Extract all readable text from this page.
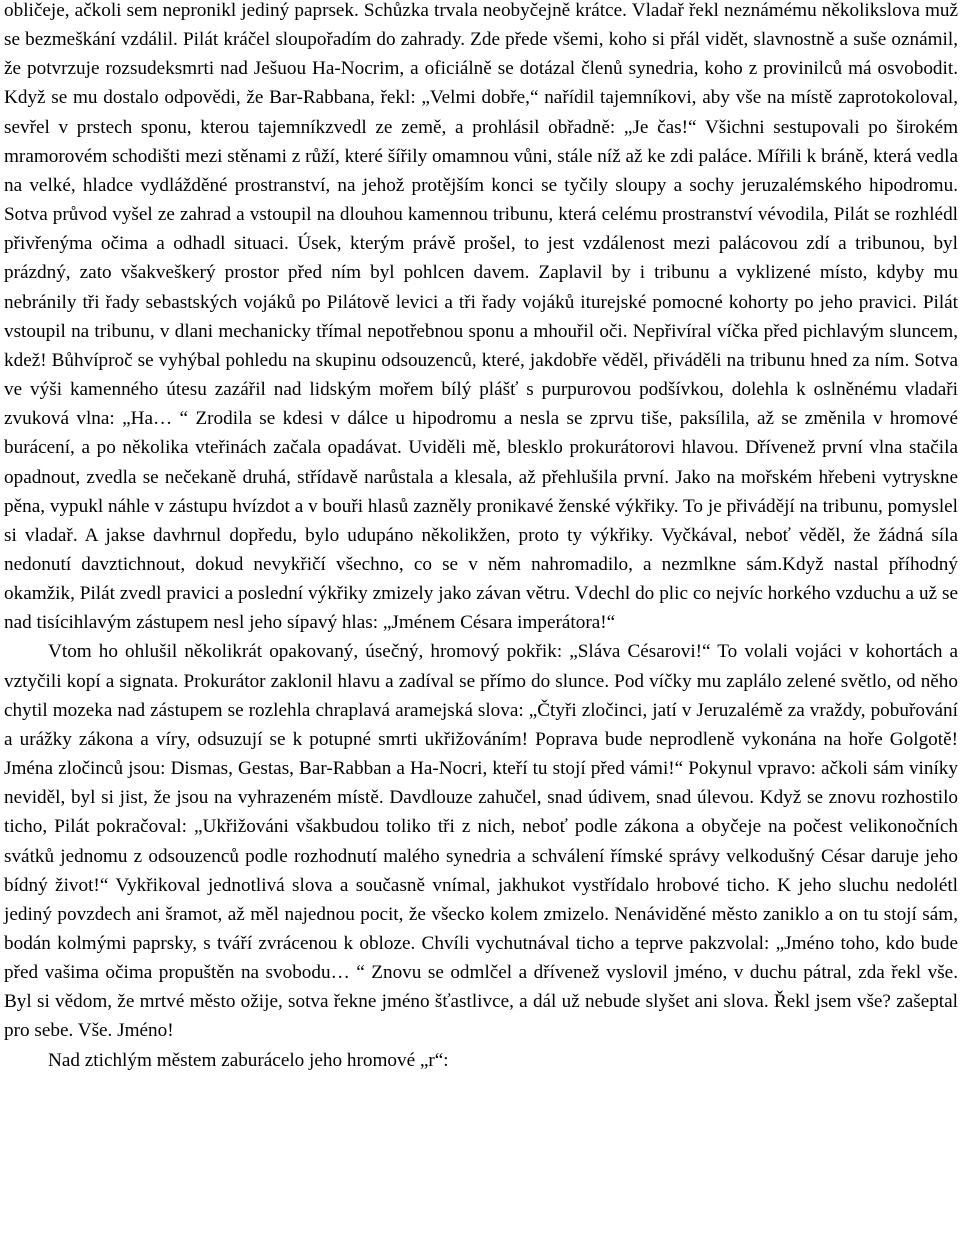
obličeje, ačkoli sem nepronikl jediný paprsek. Schůzka trvala neobyčejně krátce. Vladař řekl neznámému několikslova muž se bezmeškání vzdálil. Pilát kráčel sloupořadím do zahrady. Zde přede všemi, koho si přál vidět, slavnostně a suše oznámil, že potvrzuje rozsudeksmrti nad Ješuou Ha-Nocrim, a oficiálně se dotázal členů synedria, koho z provinilců má osvobodit. Když se mu dostalo odpovědi, že Bar-Rabbana, řekl: „Velmi dobře,“ nařídil tajemníkovi, aby vše na místě zaprotokoloval, sevřel v prstech sponu, kterou tajemníkzvedl ze země, a prohlásil obřadně: „Je čas!“ Všichni sestupovali po širokém mramorovém schodišti mezi stěnami z růží, které šířily omamnou vůni, stále níž až ke zdi paláce. Mířili k bráně, která vedla na velké, hladce vydlážděné prostranství, na jehož protějším konci se tyčily sloupy a sochy jeruzalémského hipodromu. Sotva průvod vyšel ze zahrad a vstoupil na dlouhou kamennou tribunu, která celému prostranství vévodila, Pilát se rozhlédl přivřenýma očima a odhadl situaci. Úsek, kterým právě prošel, to jest vzdálenost mezi palácovou zdí a tribunou, byl prázdný, zato všakveškerý prostor před ním byl pohlcen davem. Zaplavil by i tribunu a vyklizené místo, kdyby mu nebránily tři řady sebastských vojáků po Pilátově levici a tři řady vojáků iturejské pomocné kohorty po jeho pravici. Pilát vstoupil na tribunu, v dlani mechanicky třímal nepotřebnou sponu a mhouřil oči. Nepřivíral víčka před pichlavým sluncem, kdež! Bůhvíproč se vyhýbal pohledu na skupinu odsouzenců, které, jakdobře věděl, přiváděli na tribunu hned za ním. Sotva ve výši kamenného útesu zazářil nad lidským mořem bílý plášť s purpurovou podšívkou, dolehla k oslněnému vladaři zvuková vlna: „Ha… “ Zrodila se kdesi v dálce u hipodromu a nesla se zprvu tiše, paksílila, až se změnila v hromové burácení, a po několika vteřinách začala opadávat. Uviděli mě, blesklo prokurátorovi hlavou. Dřívenež první vlna stačila opadnout, zvedla se nečekaně druhá, střídavě narůstala a klesala, až přehlušila první. Jako na mořském hřebeni vytryskne pěna, vypukl náhle v zástupu hvízdot a v bouři hlasů zazněly pronikavé ženské výkřiky. To je přivádějí na tribunu, pomyslel si vladař. A jakse davhrnul dopředu, bylo udupáno několikžen, proto ty výkřiky. Vyčkával, neboť věděl, že žádná síla nedonutí davztichnout, dokud nevykřičí všechno, co se v něm nahromadilo, a nezmlkne sám.Když nastal příhodný okamžik, Pilát zvedl pravici a poslední výkřiky zmizely jako závan větru. Vdechl do plic co nejvíc horkého vzduchu a už se nad tisícihlavým zástupem nesl jeho sípavý hlas: „Jménem Césara imperátora!“

Vtom ho ohlušil několikrát opakovaný, úsečný, hromový pokřik: „Sláva Césarovi!“ To volali vojáci v kohortách a vztyčili kopí a signata. Prokurátor zaklonil hlavu a zadíval se přímo do slunce. Pod víčky mu zaplálo zelené světlo, od něho chytil mozeka nad zástupem se rozlehla chraplavá aramejská slova: „Čtyři zločinci, jatí v Jeruzalémě za vraždy, pobuřování a urážky zákona a víry, odsuzují se k potupné smrti ukřižováním! Poprava bude neprodleně vykonána na hoře Golgotě! Jména zločinců jsou: Dismas, Gestas, Bar-Rabban a Ha-Nocri, kteří tu stojí před vámi!“ Pokynul vpravo: ačkoli sám viníky neviděl, byl si jist, že jsou na vyhrazeném místě. Davdlouze zahučel, snad údivem, snad úlevou. Když se znovu rozhostilo ticho, Pilát pokračoval: „Ukřižováni všakbudou toliko tři z nich, neboť podle zákona a obyčeje na počest velikonočních svátků jednomu z odsouzenců podle rozhodnutí malého synedria a schválení římské správy velkodušný César daruje jeho bídný život!“ Vykřikoval jednotlivá slova a současně vnímal, jakhukot vystřídalo hrobové ticho. K jeho sluchu nedolétl jediný povzdech ani šramot, až měl najednou pocit, že všecko kolem zmizelo. Nenáviděné město zaniklo a on tu stojí sám, bodán kolmými paprsky, s tváří zvrácenou k obloze. Chvíli vychutnával ticho a teprve pakzvolal: „Jméno toho, kdo bude před vašima očima propuštěn na svobodu… “ Znovu se odmlčel a dřívenež vyslovil jméno, v duchu pátral, zda řekl vše. Byl si vědom, že mrtvé město ožije, sotva řekne jméno šťastlivce, a dál už nebude slyšet ani slova. Řekl jsem vše? zašeptal pro sebe. Vše. Jméno!

Nad ztichlým městem zaburácelo jeho hromové „r“:
